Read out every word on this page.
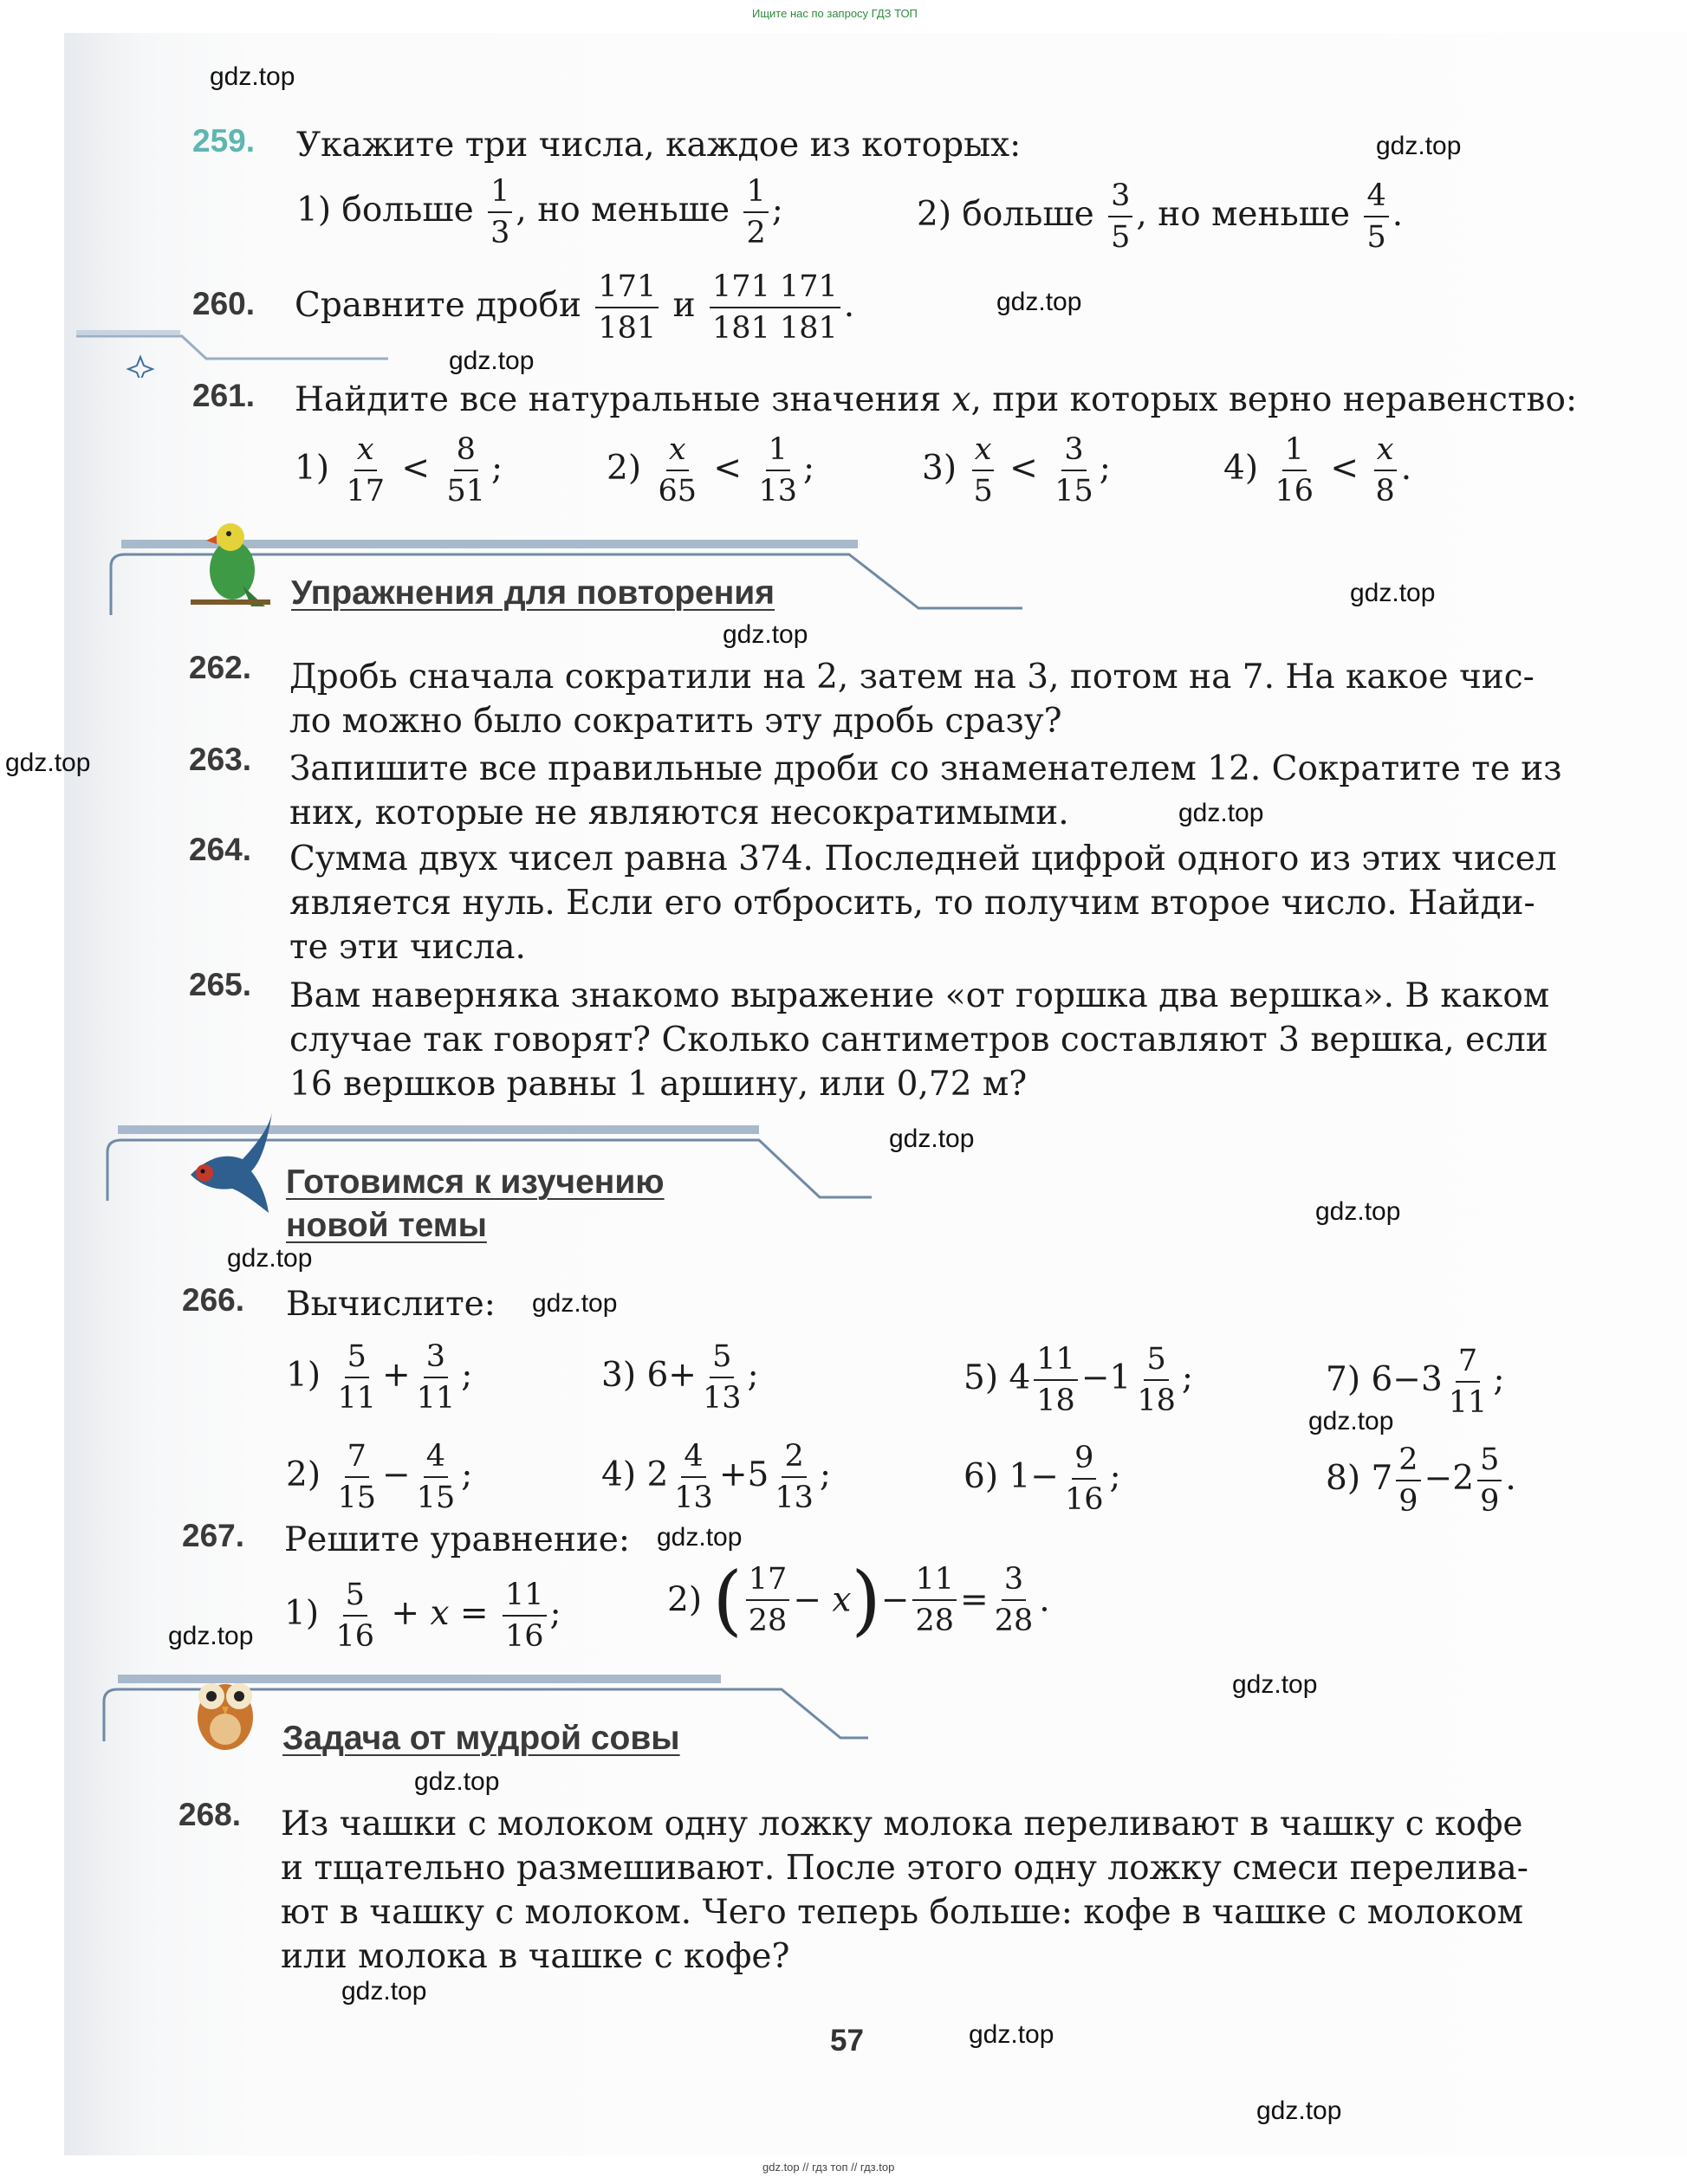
Ищите нас по запросу ГДЗ ТОП
gdz.top // гдз топ // гдз.top
259. Укажите три числа, каждое из которых:
1) больше $\frac{1}{3}$ , но меньше $\frac{1}{2}$ ;	2) больше $\frac{3}{5}$ , но меньше $\frac{4}{5}$ .
260. Сравните дроби $\frac{171}{181}$ и $\frac{171 171}{181 181}$ .
261. Найдите все натуральные значения x, при которых верно неравенство:
$1) \frac{x}{17} < \frac{8}{51}$ ;	$2) \frac{x}{65} < \frac{1}{13}$ ;	$3) \frac{x}{5} < \frac{3}{15}$ ;	$4) \frac{1}{16} < \frac{x}{8}$ .
Упражнения для повторения
262. Дробь сначала сократили на 2, затем на 3, потом на 7. На какое чис-
ло можно было сократить эту дробь сразу?
263. Запишите все правильные дроби со знаменателем 12. Сократите те из
них, которые не являются несократимыми.
264. Сумма двух чисел равна 374. Последней цифрой одного из этих чисел
является нуль. Если его отбросить, то получим второе число. Найди-
те эти числа.
265. Вам наверняка знакомо выражение «от горшка два вершка». В каком
случае так говорят? Сколько сантиметров составляют 3 вершка, если
16 вершков равны 1 аршину, или 0,72 м?
Готовимся к изучению
новой темы
266. Вычислите:
$1) \frac{5}{11} + \frac{3}{11}$ ;
$2) \frac{7}{15} - \frac{4}{15}$ ;
3) $6+ \frac{5}{13}$ ;
4) $2 \frac{4}{13} +5 \frac{2}{13}$ ;
5) $4 \frac{11}{18} -1 \frac{5}{18}$ ;
6) $1- \frac{9}{16}$ ;
7) $6-3 \frac{7}{11}$ ;
8) $7 \frac{2}{9} -2 \frac{5}{9}$ .
267. Решите уравнение:
$1) \frac{5}{16} + x = \frac{11}{16}$ ;	2) ( $\frac{17}{28} - x)- \frac{11}{28} = \frac{3}{28}$ .
Задача от мудрой совы
268. Из чашки с молоком одну ложку молока переливают в чашку с кофе
и тщательно размешивают. После этого одну ложку смеси перелива-
ют в чашку с молоком. Чего теперь больше: кофе в чашке с молоком
или молока в чашке с кофе?
57
gdz.top
gdz.top
gdz.top
gdz.top
gdz.top
gdz.top
gdz.top
gdz.top
gdz.top
gdz.top
gdz.top
gdz.top
gdz.top
gdz.top
gdz.top
gdz.top
gdz.top
gdz.top
gdz.top
gdz.top
